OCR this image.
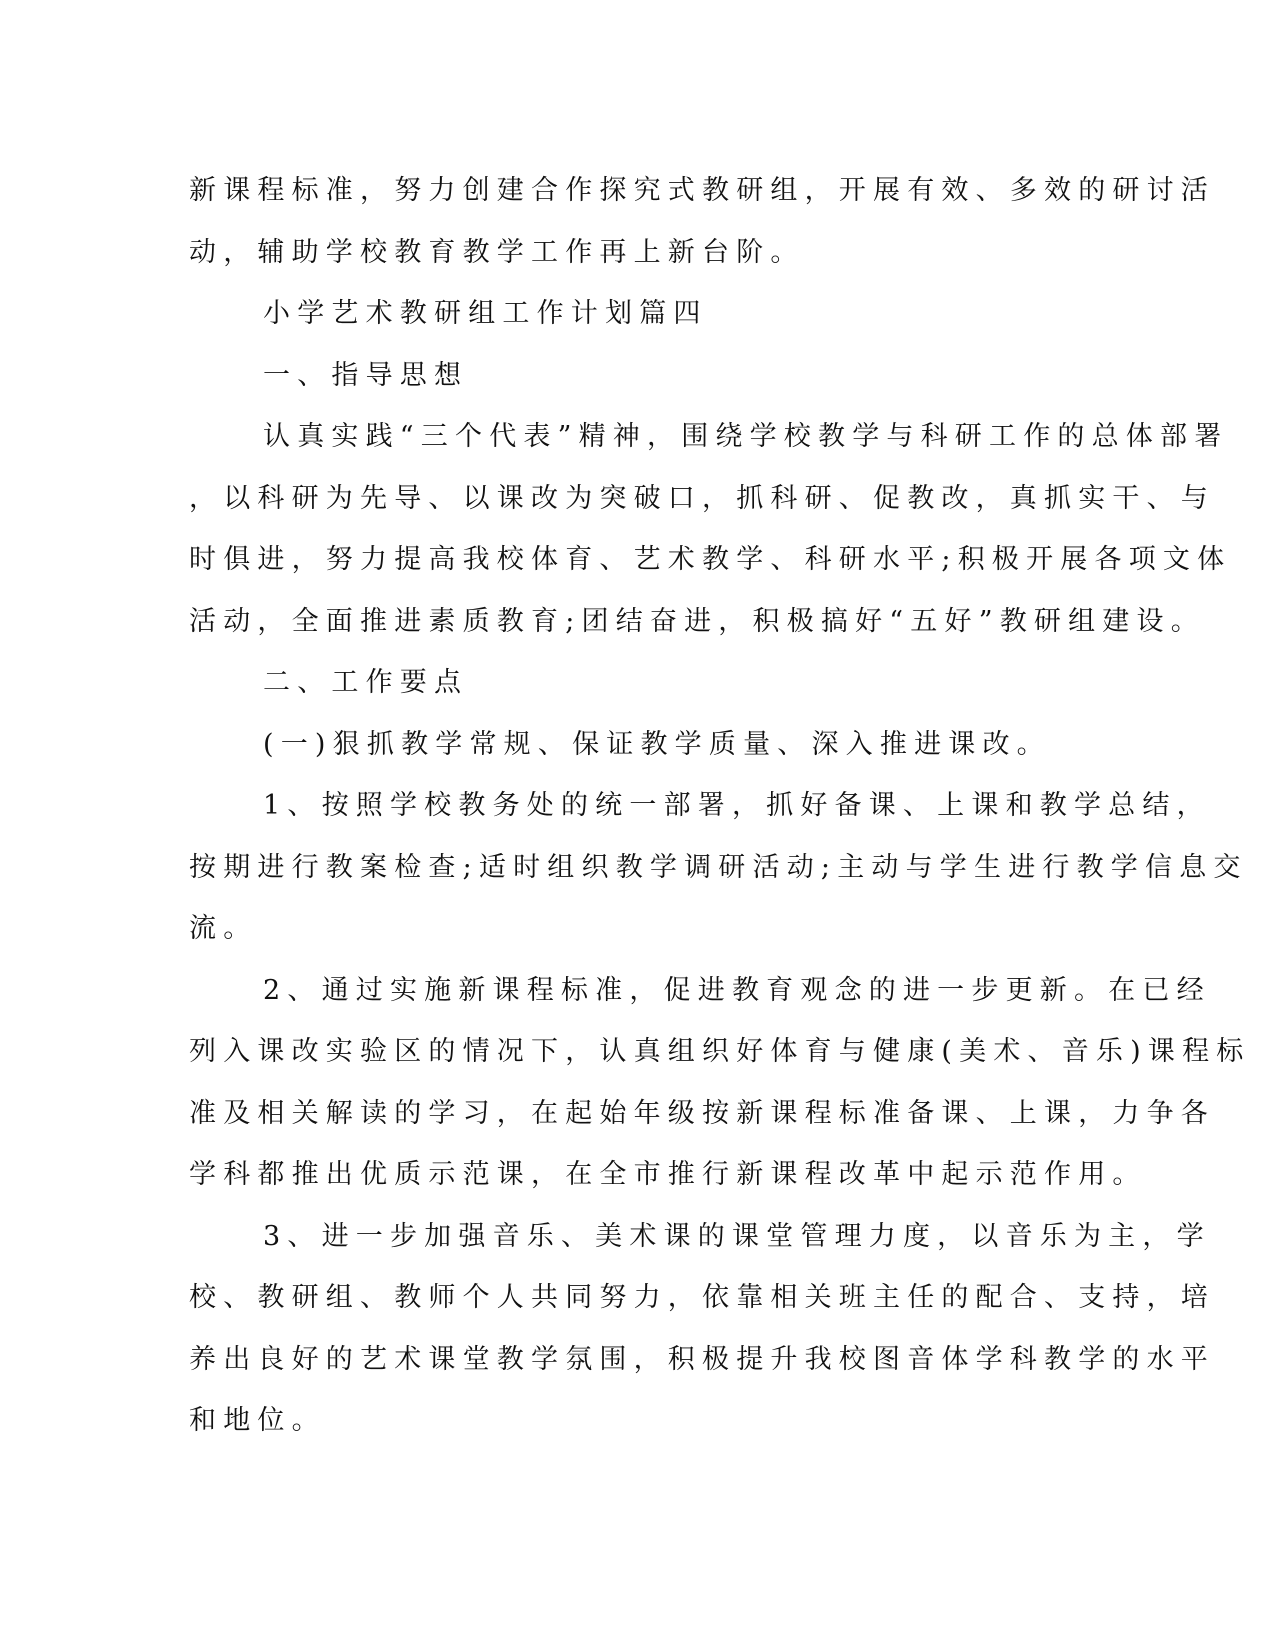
新课程标准，努力创建合作探究式教研组，开展有效、多效的研讨活
动，辅助学校教育教学工作再上新台阶。
小学艺术教研组工作计划篇四
一、指导思想
认真实践“三个代表”精神，围绕学校教学与科研工作的总体部署
，以科研为先导、以课改为突破口，抓科研、促教改，真抓实干、与
时俱进，努力提高我校体育、艺术教学、科研水平;积极开展各项文体
活动，全面推进素质教育;团结奋进，积极搞好“五好”教研组建设。
二、工作要点
(一)狠抓教学常规、保证教学质量、深入推进课改。
1、按照学校教务处的统一部署，抓好备课、上课和教学总结，
按期进行教案检查;适时组织教学调研活动;主动与学生进行教学信息交
流。
2、通过实施新课程标准，促进教育观念的进一步更新。在已经
列入课改实验区的情况下，认真组织好体育与健康(美术、音乐)课程标
准及相关解读的学习，在起始年级按新课程标准备课、上课，力争各
学科都推出优质示范课，在全市推行新课程改革中起示范作用。
3、进一步加强音乐、美术课的课堂管理力度，以音乐为主，学
校、教研组、教师个人共同努力，依靠相关班主任的配合、支持，培
养出良好的艺术课堂教学氛围，积极提升我校图音体学科教学的水平
和地位。
